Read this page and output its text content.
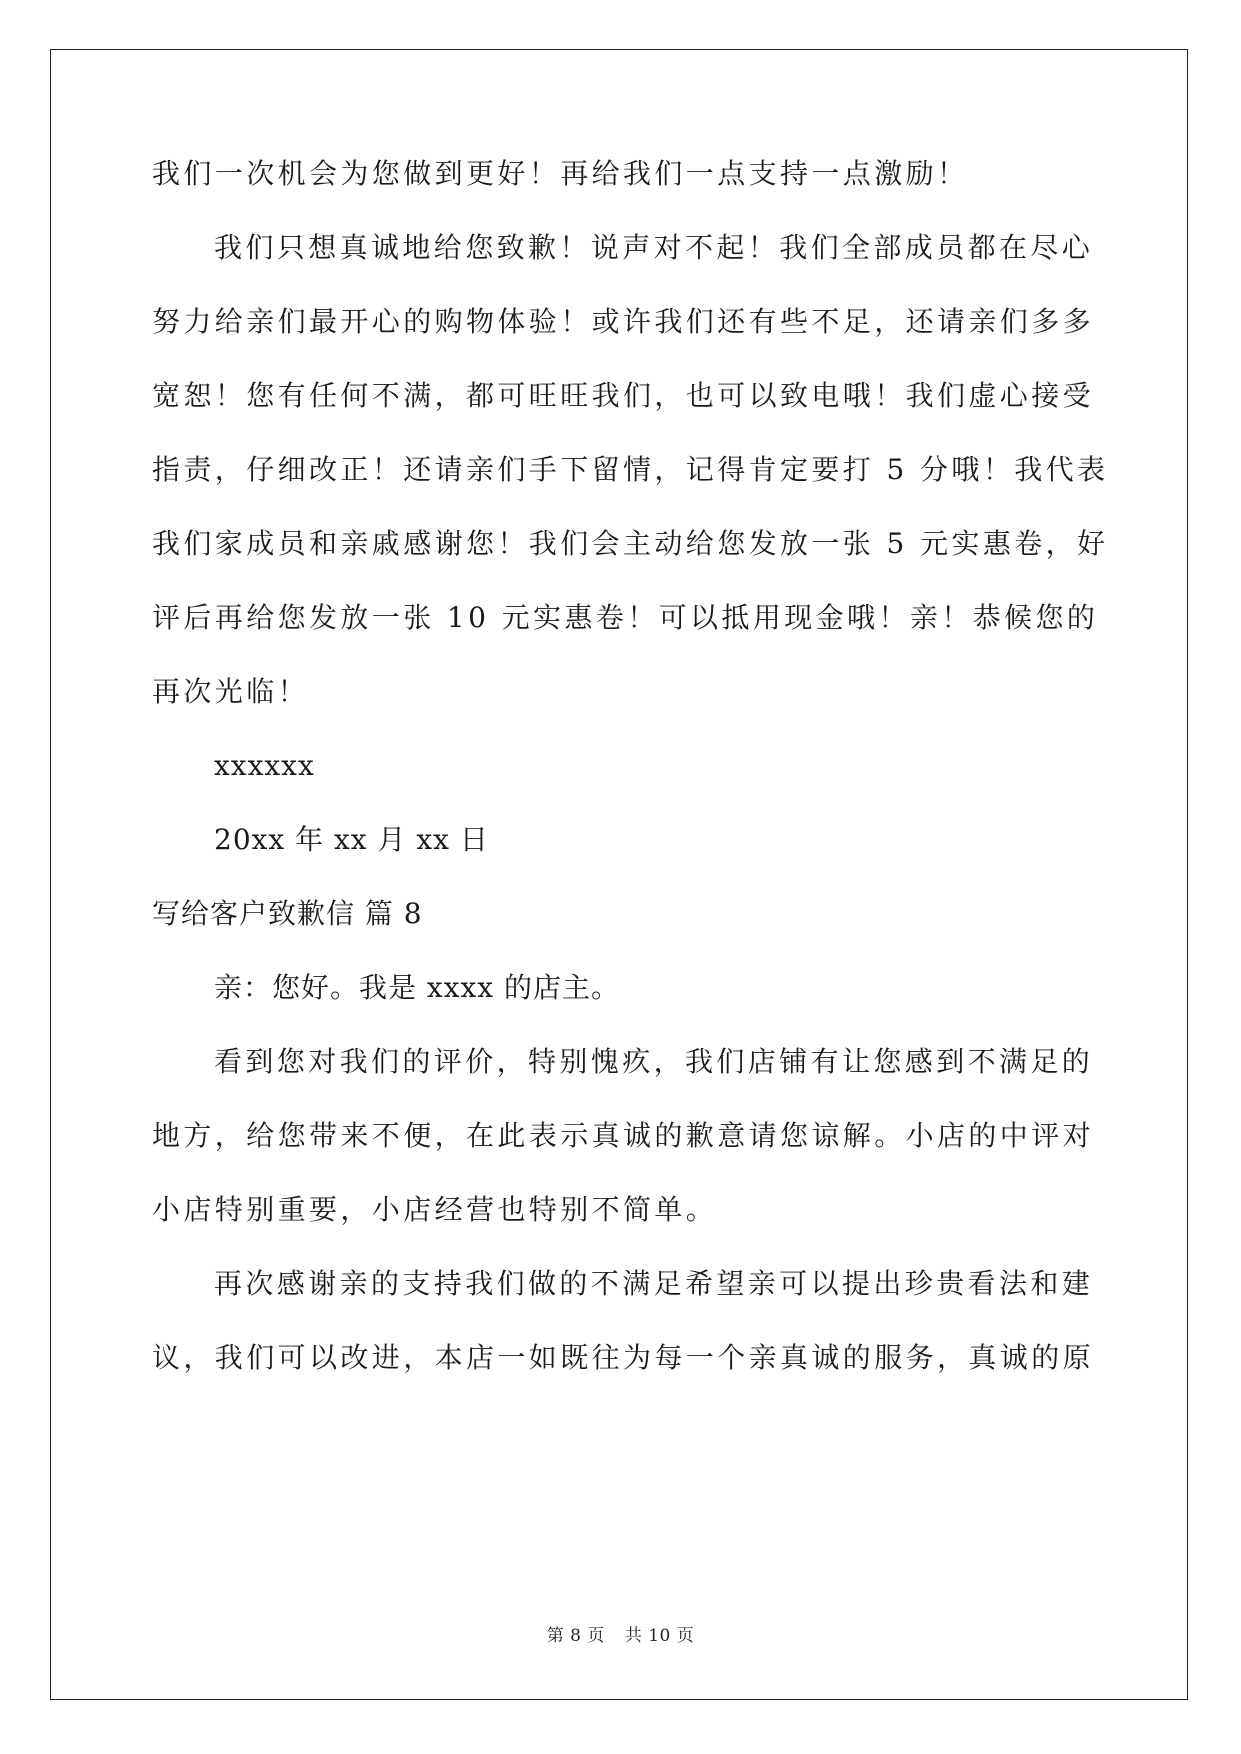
我们一次机会为您做到更好！再给我们一点支持一点激励！

我们只想真诚地给您致歉！说声对不起！我们全部成员都在尽心

努力给亲们最开心的购物体验！或许我们还有些不足，还请亲们多多

宽恕！您有任何不满，都可旺旺我们，也可以致电哦！我们虚心接受

指责，仔细改正！还请亲们手下留情，记得肯定要打 5 分哦！我代表

我们家成员和亲戚感谢您！我们会主动给您发放一张 5 元实惠卷，好

评后再给您发放一张 10 元实惠卷！可以抵用现金哦！亲！恭候您的

再次光临！

xxxxxx

20xx 年 xx 月 xx 日

写给客户致歉信 篇 8

亲：您好。我是 xxxx 的店主。

看到您对我们的评价，特别愧疚，我们店铺有让您感到不满足的

地方，给您带来不便，在此表示真诚的歉意请您谅解。小店的中评对

小店特别重要，小店经营也特别不简单。

再次感谢亲的支持我们做的不满足希望亲可以提出珍贵看法和建

议，我们可以改进，本店一如既往为每一个亲真诚的服务，真诚的原

第 8 页 共 10 页
